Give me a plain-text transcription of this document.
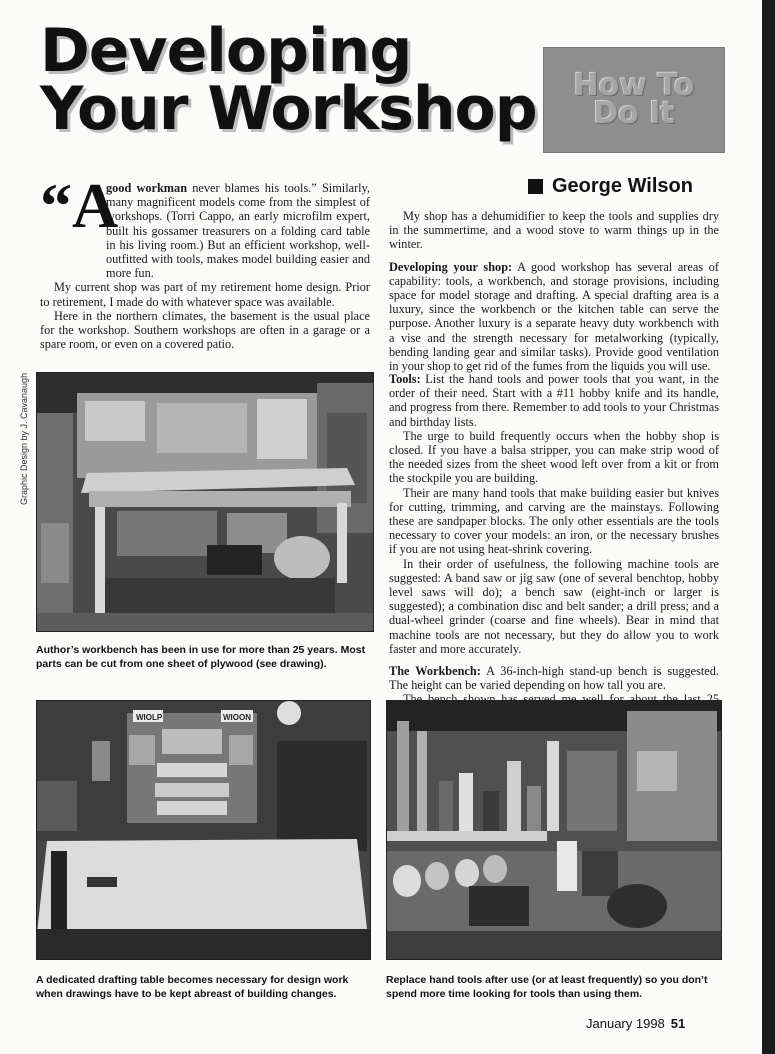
Developing
Your Workshop How To
Do It
George Wilson
Graphic Design by J. Cavanaugh
“A

good workman never blames his tools.” Similarly, many magnificent models come from the simplest of workshops. (Torri Cappo, an early microfilm expert, built his gossamer treasurers on a folding card table in his living room.) But an efficient workshop, well-outfitted with tools, makes model building easier and more fun.

My current shop was part of my retirement home design. Prior to retirement, I made do with whatever space was available.

Here in the northern climates, the basement is the usual place for the workshop. Southern workshops are often in a garage or a spare room, or even on a covered patio.

My shop has a dehumidifier to keep the tools and supplies dry in the summertime, and a wood stove to warm things up in the winter.

Developing your shop: A good workshop has several areas of capability: tools, a workbench, and storage provisions, including space for model storage and drafting. A special drafting area is a luxury, since the workbench or the kitchen table can serve the purpose. Another luxury is a separate heavy duty workbench with a vise and the strength necessary for metalworking (typically, bending landing gear and similar tasks). Provide good ventilation in your shop to get rid of the fumes from the liquids you will use.

Tools: List the hand tools and power tools that you want, in the order of their need. Start with a #11 hobby knife and its handle, and progress from there. Remember to add tools to your Christmas and birthday lists.

The urge to build frequently occurs when the hobby shop is closed. If you have a balsa stripper, you can make strip wood of the needed sizes from the sheet wood left over from a kit or from the stockpile you are building.

Their are many hand tools that make building easier but knives for cutting, trimming, and carving are the mainstays. Following these are sandpaper blocks. The only other essentials are the tools necessary to cover your models: an iron, or the necessary brushes if you are not using heat-shrink covering.

In their order of usefulness, the following machine tools are suggested: A band saw or jig saw (one of several benchtop, hobby level saws will do); a bench saw (eight-inch or larger is suggested); a combination disc and belt sander; a drill press; and a dual-wheel grinder (coarse and fine wheels). Bear in mind that machine tools are not necessary, but they do allow you to work faster and more accurately.

The Workbench: A 36-inch-high stand-up bench is suggested. The height can be varied depending on how tall you are.

Author’s workbench has been in use for more than 25 years. Most parts can be cut from one sheet of plywood (see drawing).
WIOLP	WIOON
A dedicated drafting table becomes necessary for design work when drawings have to be kept abreast of building changes.
Replace hand tools after use (or at least frequently) so you don’t spend more time looking for tools than using them.
January 1998 51
